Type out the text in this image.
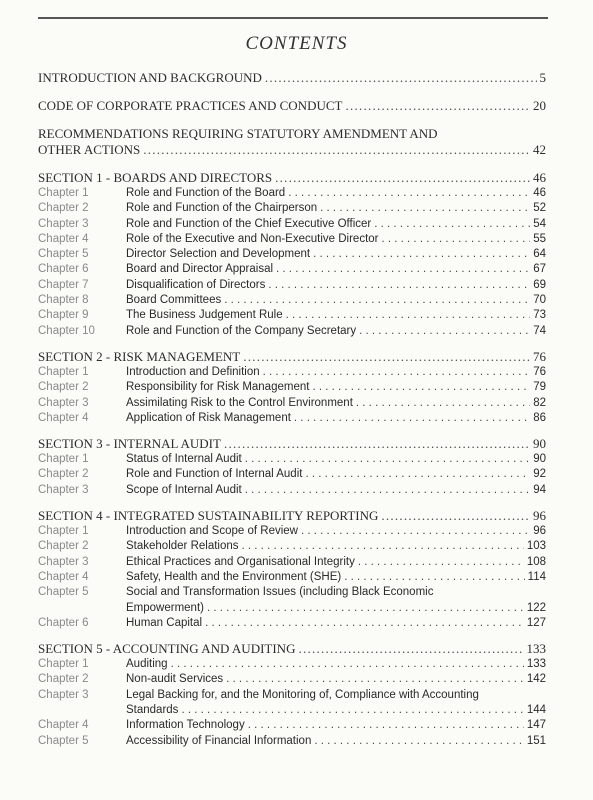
CONTENTS
INTRODUCTION AND BACKGROUND . . .	5
CODE OF CORPORATE PRACTICES AND CONDUCT . . .	20
RECOMMENDATIONS REQUIRING STATUTORY AMENDMENT AND
OTHER ACTIONS . . .	42
SECTION 1 - BOARDS AND DIRECTORS . . .	46
Chapter 1	Role and Function of the Board . . .	46
Chapter 2	Role and Function of the Chairperson . . .	52
Chapter 3	Role and Function of the Chief Executive Officer . . .	54
Chapter 4	Role of the Executive and Non-Executive Director . . .	55
Chapter 5	Director Selection and Development . . .	64
Chapter 6	Board and Director Appraisal . . .	67
Chapter 7	Disqualification of Directors . . .	69
Chapter 8	Board Committees . . .	70
Chapter 9	The Business Judgement Rule . . .	73
Chapter 10	Role and Function of the Company Secretary . . .	74
SECTION 2 - RISK MANAGEMENT . . .	76
Chapter 1	Introduction and Definition . . .	76
Chapter 2	Responsibility for Risk Management . . .	79
Chapter 3	Assimilating Risk to the Control Environment . . .	82
Chapter 4	Application of Risk Management . . .	86
SECTION 3 - INTERNAL AUDIT . . .	90
Chapter 1	Status of Internal Audit . . .	90
Chapter 2	Role and Function of Internal Audit . . .	92
Chapter 3	Scope of Internal Audit . . .	94
SECTION 4 - INTEGRATED SUSTAINABILITY REPORTING . . .	96
Chapter 1	Introduction and Scope of Review . . .	96
Chapter 2	Stakeholder Relations . . .	103
Chapter 3	Ethical Practices and Organisational Integrity . . .	108
Chapter 4	Safety, Health and the Environment (SHE) . . .	114
Chapter 5	Social and Transformation Issues (including Black Economic
Empowerment) . . .	122
Chapter 6	Human Capital . . .	127
SECTION 5 - ACCOUNTING AND AUDITING . . .	133
Chapter 1	Auditing . . .	133
Chapter 2	Non-audit Services . . .	142
Chapter 3	Legal Backing for, and the Monitoring of, Compliance with Accounting
Standards . . .	144
Chapter 4	Information Technology . . .	147
Chapter 5	Accessibility of Financial Information . . .	151
